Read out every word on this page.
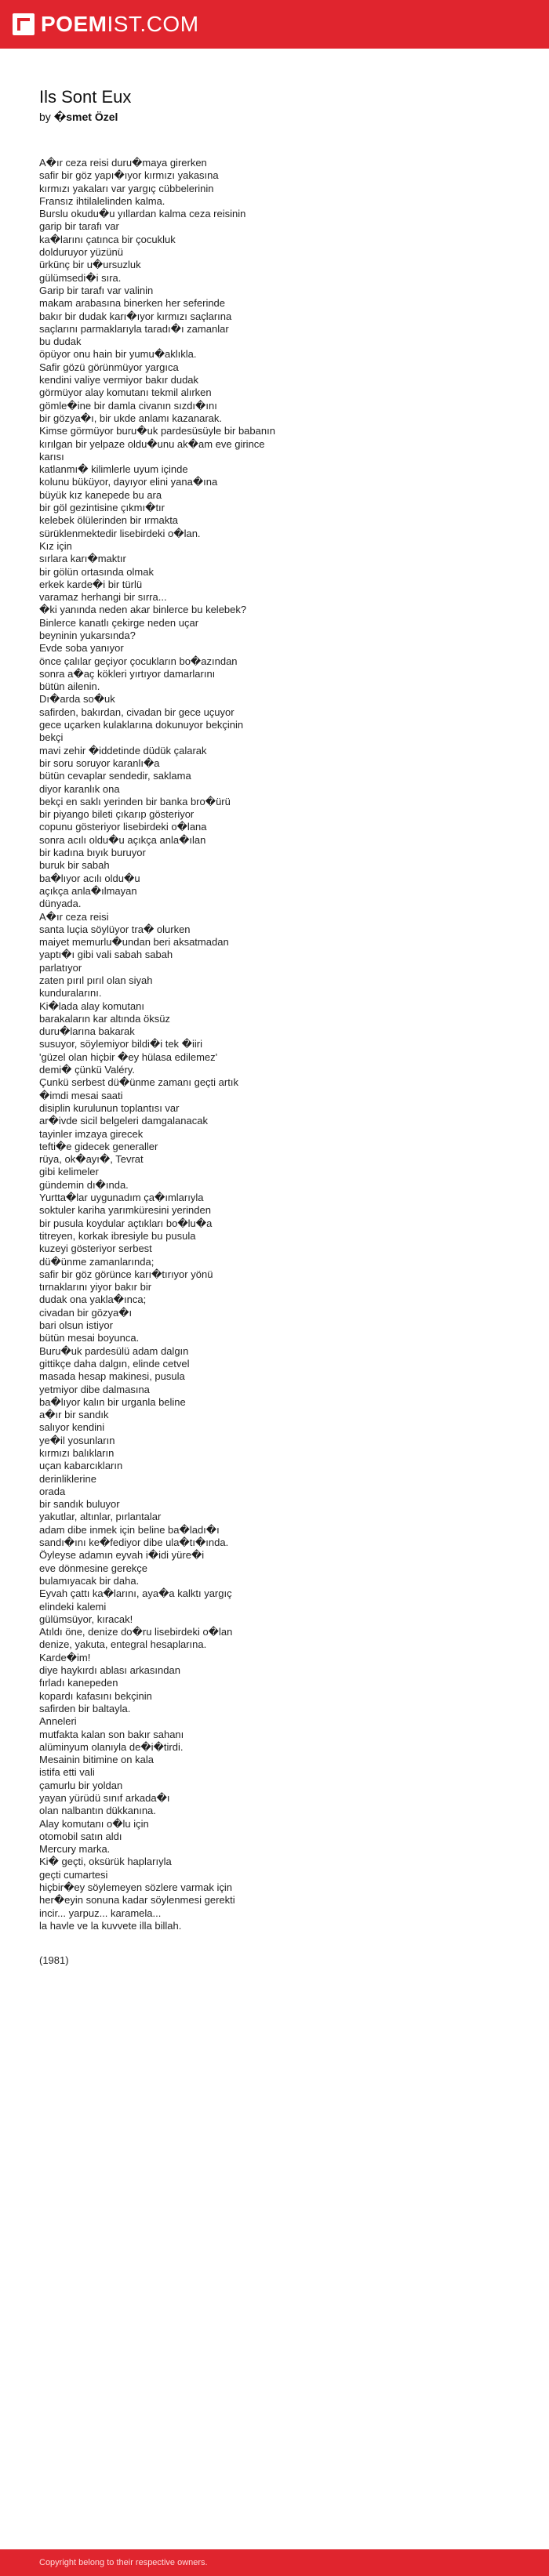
POEMIST.COM
Ils Sont Eux
by �smet Özel
A�ır ceza reisi duru�maya girerken
safir bir göz yapı�ıyor kırmızı yakasına
kırmızı yakaları var yargıç cübbelerinin
Fransız ihtilalelinden kalma.
Burslu okudu�u yıllardan kalma ceza reisinin
garip bir tarafı var
ka�larını çatınca bir çocukluk
dolduruyor yüzünü
ürkünç bir u�ursuzluk
gülümsedi�i sıra.
Garip bir tarafı var valinin
makam arabasına binerken her seferinde
bakır bir dudak karı�ıyor kırmızı saçlarına
saçlarını parmaklarıyla taradı�ı zamanlar
bu dudak
öpüyor onu hain bir yumu�aklıkla.
Safir gözü görünmüyor yargıca
kendini valiye vermiyor bakır dudak
görmüyor alay komutanı tekmil alırken
gömle�ine bir damla civanın sızdı�ını
bir gözya�ı, bir ukde anlamı kazanarak.
Kimse görmüyor buru�uk pardesüsüyle bir babanın
kırılgan bir yelpaze oldu�unu ak�am eve girince
karısı
katlanmı� kilimlerle uyum içinde
kolunu büküyor, dayıyor elini yana�ına
büyük kız kanepede bu ara
bir göl gezintisine çıkmı�tır
kelebek ölülerinden bir ırmakta
sürüklenmektedir lisebirdeki o�lan.
Kız için
sırlara karı�maktır
bir gölün ortasında olmak
erkek karde�i bir türlü
varamaz herhangi bir sırra...
�ki yanında neden akar binlerce bu kelebek?
Binlerce kanatlı çekirge neden uçar
beyninin yukarsında?
Evde soba yanıyor
önce çalılar geçiyor çocukların bo�azından
sonra a�aç kökleri yırtıyor damarlarını
bütün ailenin.
Dı�arda so�uk
safirden, bakırdan, civadan bir gece uçuyor
gece uçarken kulaklarına dokunuyor bekçinin
bekçi
mavi zehir �iddetinde düdük çalarak
bir soru soruyor karanlı�a
bütün cevaplar sendedir, saklama
diyor karanlık ona
bekçi en saklı yerinden bir banka bro�ürü
bir piyango bileti çıkarıp gösteriyor
copunu gösteriyor lisebirdeki o�lana
sonra acılı oldu�u açıkça anla�ılan
bir kadına bıyık buruyor
buruk bir sabah
ba�lıyor acılı oldu�u
açıkça anla�ılmayan
dünyada.
A�ır ceza reisi
santa luçia söylüyor tra� olurken
maiyet memurlu�undan beri aksatmadan
yaptı�ı gibi vali sabah sabah
parlatıyor
zaten pırıl pırıl olan siyah
kunduralarını.
Ki�lada alay komutanı
barakaların kar altında öksüz
duru�larına bakarak
susuyor, söylemiyor bildi�i tek �iiri
'güzel olan hiçbir �ey hülasa edilemez'
demi� çünkü Valéry.
Çunkü serbest dü�ünme zamanı geçti artık
�imdi mesai saati
disiplin kurulunun toplantısı var
ar�ivde sicil belgeleri damgalanacak
tayinler imzaya girecek
tefti�e gidecek generaller
rüya, ok�ayı�, Tevrat
gibi kelimeler
gündemin dı�ında.
Yurtta�lar uygunadım ça�ımlarıyla
soktuler kariha yarımküresini yerinden
bir pusula koydular açtıkları bo�lu�a
titreyen, korkak ibresiyle bu pusula
kuzeyi gösteriyor serbest
dü�ünme zamanlarında;
safir bir göz görünce karı�tırıyor yönü
tırnaklarını yiyor bakır bir
dudak ona yakla�ınca;
civadan bir gözya�ı
bari olsun istiyor
bütün mesai boyunca.
Buru�uk pardesülü adam dalgın
gittikçe daha dalgın, elinde cetvel
masada hesap makinesi, pusula
yetmiyor dibe dalmasına
ba�lıyor kalın bir urganla beline
a�ır bir sandık
salıyor kendini
ye�il yosunların
kırmızı balıkların
uçan kabarcıkların
derinliklerine
orada
bir sandık buluyor
yakutlar, altınlar, pırlantalar
adam dibe inmek için beline ba�ladı�ı
sandı�ını ke�fediyor dibe ula�tı�ında.
Öyleyse adamın eyvah i�idi yüre�i
eve dönmesine gerekçe
bulamıyacak bir daha.
Eyvah çattı ka�larını, aya�a kalktı yargıç
elindeki kalemi
gülümsüyor, kıracak!
Atıldı öne, denize do�ru lisebirdeki o�lan
denize, yakuta, entegral hesaplarına.
Karde�im!
diye haykırdı ablası arkasından
fırladı kanepeden
kopardı kafasını bekçinin
safirden bir baltayla.
Anneleri
mutfakta kalan son bakır sahanı
alüminyum olanıyla de�i�tirdi.
Mesainin bitimine on kala
istifa etti vali
çamurlu bir yoldan
yayan yürüdü sınıf arkada�ı
olan nalbantın dükkanına.
Alay komutanı o�lu için
otomobil satın aldı
Mercury marka.
Ki� geçti, oksürük haplarıyla
geçti cumartesi
hiçbir�ey söylemeyen sözlere varmak için
her�eyin sonuna kadar söylenmesi gerekti
incir... yarpuz... karamela...
la havle ve la kuvvete illa billah.
(1981)
Copyright belong to their respective owners.
